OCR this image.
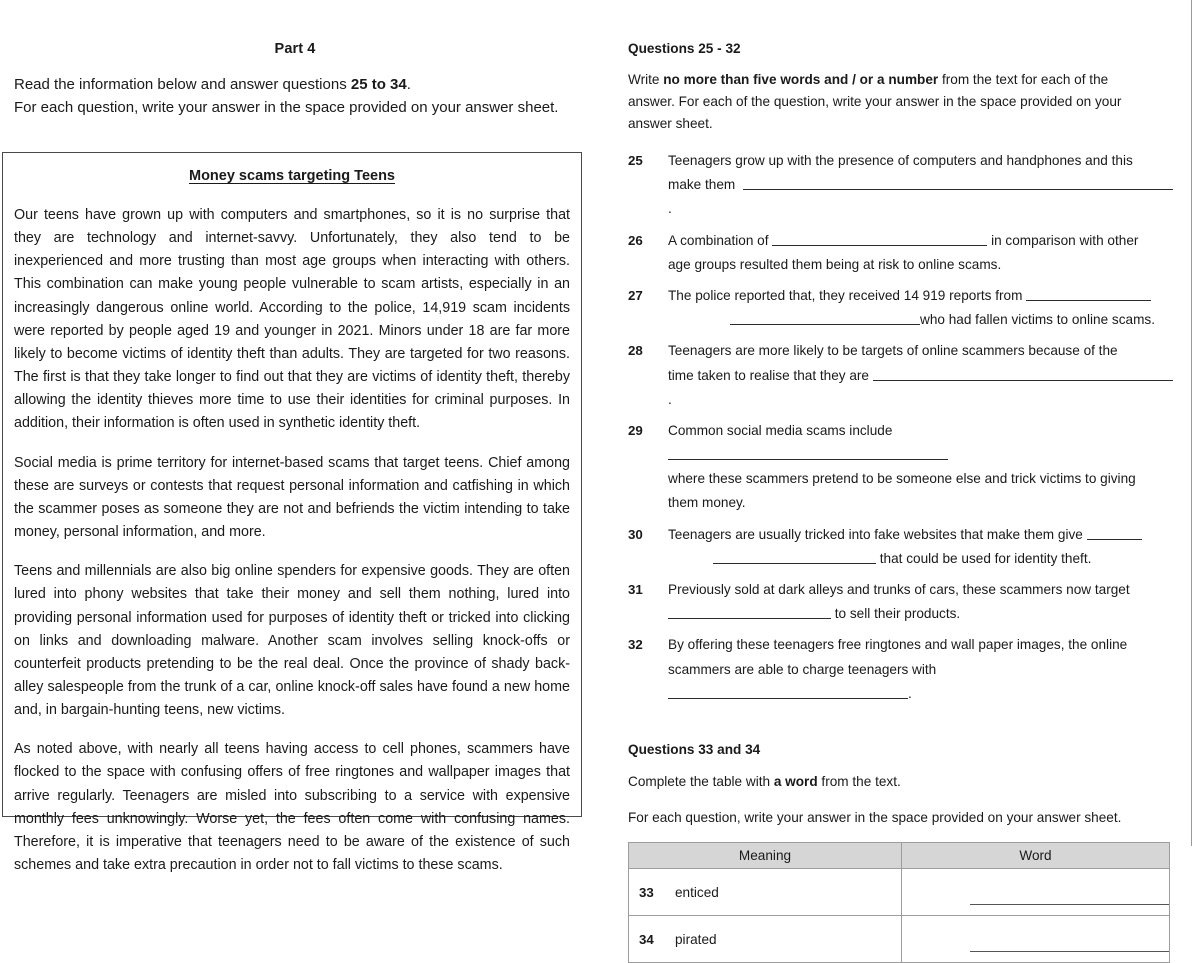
Part 4
Read the information below and answer questions 25 to 34.
For each question, write your answer in the space provided on your answer sheet.
Money scams targeting Teens

Our teens have grown up with computers and smartphones, so it is no surprise that they are technology and internet-savvy. Unfortunately, they also tend to be inexperienced and more trusting than most age groups when interacting with others. This combination can make young people vulnerable to scam artists, especially in an increasingly dangerous online world. According to the police, 14,919 scam incidents were reported by people aged 19 and younger in 2021. Minors under 18 are far more likely to become victims of identity theft than adults. They are targeted for two reasons. The first is that they take longer to find out that they are victims of identity theft, thereby allowing the identity thieves more time to use their identities for criminal purposes. In addition, their information is often used in synthetic identity theft.

Social media is prime territory for internet-based scams that target teens. Chief among these are surveys or contests that request personal information and catfishing in which the scammer poses as someone they are not and befriends the victim intending to take money, personal information, and more.

Teens and millennials are also big online spenders for expensive goods. They are often lured into phony websites that take their money and sell them nothing, lured into providing personal information used for purposes of identity theft or tricked into clicking on links and downloading malware. Another scam involves selling knock-offs or counterfeit products pretending to be the real deal. Once the province of shady back-alley salespeople from the trunk of a car, online knock-off sales have found a new home and, in bargain-hunting teens, new victims.

As noted above, with nearly all teens having access to cell phones, scammers have flocked to the space with confusing offers of free ringtones and wallpaper images that arrive regularly. Teenagers are misled into subscribing to a service with expensive monthly fees unknowingly. Worse yet, the fees often come with confusing names. Therefore, it is imperative that teenagers need to be aware of the existence of such schemes and take extra precaution in order not to fall victims to these scams.

Questions 25 - 32
Write no more than five words and / or a number from the text for each of the answer. For each of the question, write your answer in the space provided on your answer sheet.
25	Teenagers grow up with the presence of computers and handphones and this
make them  .
26	A combination of	in comparison with other
age groups resulted them being at risk to online scams.
27	The police reported that, they received 14 919 reports from
who had fallen victims to online scams.
28	Teenagers are more likely to be targets of online scammers because of the
time taken to realise that they are .
29	Common social media scams include
where these scammers pretend to be someone else and trick victims to giving
them money.
30	Teenagers are usually tricked into fake websites that make them give
that could be used for identity theft.
31	Previously sold at dark alleys and trunks of cars, these scammers now target
to sell their products.
32	By offering these teenagers free ringtones and wall paper images, the online
scammers are able to charge teenagers with .
Questions 33 and 34
Complete the table with a word from the text.
For each question, write your answer in the space provided on your answer sheet.
Meaning	Word

33 enticed	

34 pirated	
